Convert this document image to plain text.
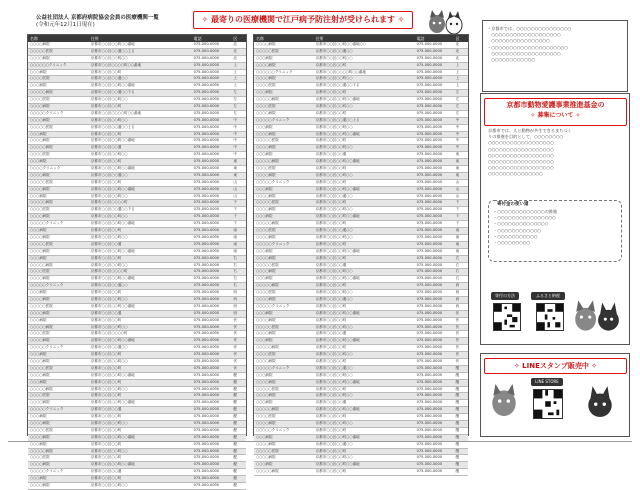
公益社団法人 京都府病院協会会員の医療機関一覧
(令和元年12月1日現在)
✧ 最寄りの医療機関で江戸病予防注射が受けられます ✧
名称	住所	電話	区
○○○○病院	京都市○○区○○町○○番地	075-000-0000	北
○○○○○医院	京都市○○区○○通○○上る	075-000-0000	北
○○○○病院	京都市○○区○○町○○	075-000-0000	北
○○○○○○クリニック	京都市○○区○○○○町○○番地	075-000-0000	上
○○○病院	京都市○○区○○町	075-000-0000	上
○○○○医院	京都市○○区○○通○○	075-000-0000	上
○○○病院	京都市○○区○○町○○番地	075-000-0000	上
○○○○○病院	京都市○○区○○通○○下る	075-000-0000	左
○○○○医院	京都市○○区○○町○○	075-000-0000	左
○○○○病院	京都市○○区○○町	075-000-0000	左
○○○○○クリニック	京都市○○区○○○○町○○番地	075-000-0000	左
○○○○病院	京都市○○区○○町○○	075-000-0000	中
○○○○○医院	京都市○○区○○通○○上る	075-000-0000	中
○○○病院	京都市○○区○○町	075-000-0000	中
○○○○病院	京都市○○区○○町○○番地	075-000-0000	中
○○○○○病院	京都市○○区○○通	075-000-0000	中
○○○○医院	京都市○○区○○町○○	075-000-0000	中
○○○病院	京都市○○区○○町	075-000-0000	東
○○○○クリニック	京都市○○区○○町○○番地	075-000-0000	東
○○○○病院	京都市○○区○○通○○	075-000-0000	東
○○○○○医院	京都市○○区○○町	075-000-0000	山
○○○○病院	京都市○○区○○町○○番地	075-000-0000	山
○○○病院	京都市○○区○○町○○	075-000-0000	山
○○○○○病院	京都市○○区○○○○町	075-000-0000	下
○○○○医院	京都市○○区○○通○○下る	075-000-0000	下
○○○○病院	京都市○○区○○町○○	075-000-0000	下
○○○○○クリニック	京都市○○区○○町○○番地	075-000-0000	下
○○○病院	京都市○○区○○町	075-000-0000	南
○○○○病院	京都市○○区○○町○○	075-000-0000	南
○○○○○医院	京都市○○区○○通	075-000-0000	南
○○○○病院	京都市○○区○○町○○番地	075-000-0000	南
○○○病院	京都市○○区○○町	075-000-0000	右
○○○○○病院	京都市○○区○○町○○	075-000-0000	右
○○○○医院	京都市○○区○○○○町	075-000-0000	右
○○○○病院	京都市○○区○○町○○番地	075-000-0000	右
○○○○○クリニック	京都市○○区○○通○○	075-000-0000	右
○○○病院	京都市○○区○○町	075-000-0000	西
○○○○病院	京都市○○区○○町○○	075-000-0000	西
○○○○○医院	京都市○○区○○町○○番地	075-000-0000	西
○○○○病院	京都市○○区○○通	075-000-0000	西
○○○病院	京都市○○区○○町	075-000-0000	伏
○○○○○病院	京都市○○区○○町○○	075-000-0000	伏
○○○○医院	京都市○○区○○○○町	075-000-0000	伏
○○○○病院	京都市○○区○○町○○番地	075-000-0000	伏
○○○○○クリニック	京都市○○区○○通○○	075-000-0000	伏
○○○病院	京都市○○区○○町	075-000-0000	伏
○○○○病院	京都市○○区○○町○○	075-000-0000	伏
○○○○○医院	京都市○○区○○町	075-000-0000	伏
○○○○病院	京都市○○区○○町○○番地	075-000-0000	醍
○○○病院	京都市○○区○○町	075-000-0000	醍
○○○○○病院	京都市○○区○○町○○	075-000-0000	醍
○○○○医院	京都市○○区○○町	075-000-0000	醍
○○○○病院	京都市○○区○○町○○番地	075-000-0000	醍
○○○○○クリニック	京都市○○区○○通	075-000-0000	醍
○○○病院	京都市○○区○○町	075-000-0000	醍
○○○○病院	京都市○○区○○町○○	075-000-0000	醍
○○○○○医院	京都市○○区○○町	075-000-0000	醍
○○○○病院	京都市○○区○○町○○番地	075-000-0000	醍
○○○病院	京都市○○区○○町	075-000-0000	醍
○○○○○病院	京都市○○区○○町○○	075-000-0000	醍
○○○○医院	京都市○○区○○町	075-000-0000	醍
○○○○病院	京都市○○区○○町○○番地	075-000-0000	醍
○○○○○クリニック	京都市○○区○○通	075-000-0000	醍
○○○病院	京都市○○区○○町	075-000-0000	醍
○○○○病院	京都市○○区○○町○○	075-000-0000	醍
名称	住所	電話	区
○○○○病院	京都市○○区○○町○○番地○○	075-000-0000	北
○○○○○医院	京都市○○区○○通○○	075-000-0000	北
○○○病院	京都市○○区○○町○○	075-000-0000	北
○○○○病院	京都市○○区○○町	075-000-0000	上
○○○○○○クリニック	京都市○○区○○○○町○○番地	075-000-0000	上
○○○○病院	京都市○○区○○町○○	075-000-0000	上
○○○○医院	京都市○○区○○通○○下る	075-000-0000	上
○○○病院	京都市○○区○○町	075-000-0000	左
○○○○○病院	京都市○○区○○町○○番地	075-000-0000	左
○○○○医院	京都市○○区○○町○○	075-000-0000	左
○○○○病院	京都市○○区○○町	075-000-0000	左
○○○○○クリニック	京都市○○区○○通○○上る	075-000-0000	中
○○○病院	京都市○○区○○町○○	075-000-0000	中
○○○○病院	京都市○○区○○町○○番地	075-000-0000	中
○○○○○医院	京都市○○区○○町	075-000-0000	中
○○○○病院	京都市○○区○○町○○	075-000-0000	中
○○○病院	京都市○○区○○通	075-000-0000	東
○○○○○病院	京都市○○区○○町○○番地	075-000-0000	東
○○○○医院	京都市○○区○○町	075-000-0000	東
○○○○病院	京都市○○区○○町○○	075-000-0000	東
○○○○○クリニック	京都市○○区○○町	075-000-0000	山
○○○病院	京都市○○区○○町○○番地	075-000-0000	山
○○○○病院	京都市○○区○○通○○	075-000-0000	山
○○○○○医院	京都市○○区○○町	075-000-0000	下
○○○○病院	京都市○○区○○町○○	075-000-0000	下
○○○病院	京都市○○区○○町○○番地	075-000-0000	下
○○○○○病院	京都市○○区○○町	075-000-0000	下
○○○○医院	京都市○○区○○通○○	075-000-0000	南
○○○○病院	京都市○○区○○町○○	075-000-0000	南
○○○○○クリニック	京都市○○区○○町	075-000-0000	南
○○○病院	京都市○○区○○町○○番地	075-000-0000	南
○○○○病院	京都市○○区○○町	075-000-0000	右
○○○○○医院	京都市○○区○○通	075-000-0000	右
○○○○病院	京都市○○区○○町○○	075-000-0000	右
○○○病院	京都市○○区○○町○○番地	075-000-0000	右
○○○○○病院	京都市○○区○○町	075-000-0000	西
○○○○医院	京都市○○区○○町○○	075-000-0000	西
○○○○病院	京都市○○区○○通○○	075-000-0000	西
○○○○○クリニック	京都市○○区○○町	075-000-0000	西
○○○病院	京都市○○区○○町○○番地	075-000-0000	伏
○○○○病院	京都市○○区○○町	075-000-0000	伏
○○○○○医院	京都市○○区○○町○○	075-000-0000	伏
○○○○病院	京都市○○区○○通	075-000-0000	伏
○○○病院	京都市○○区○○町○○番地	075-000-0000	伏
○○○○○病院	京都市○○区○○町	075-000-0000	伏
○○○○医院	京都市○○区○○町○○	075-000-0000	伏
○○○○病院	京都市○○区○○町	075-000-0000	伏
○○○○○クリニック	京都市○○区○○通○○	075-000-0000	醍
○○○病院	京都市○○区○○町○○	075-000-0000	醍
○○○○病院	京都市○○区○○町○○番地	075-000-0000	醍
○○○○○医院	京都市○○区○○町	075-000-0000	醍
○○○○病院	京都市○○区○○町○○	075-000-0000	醍
○○○病院	京都市○○区○○通	075-000-0000	醍
○○○○○病院	京都市○○区○○町○○番地	075-000-0000	醍
○○○○医院	京都市○○区○○町	075-000-0000	醍
○○○○病院	京都市○○区○○町○○	075-000-0000	醍
○○○○○クリニック	京都市○○区○○町	075-000-0000	醍
○○○病院	京都市○○区○○町○○番地	075-000-0000	醍
○○○○病院	京都市○○区○○通○○	075-000-0000	醍
○○○○○医院	京都市○○区○○町	075-000-0000	醍
○○○○病院	京都市○○区○○町○○	075-000-0000	醍
○○○病院	京都市○○区○○町○○番地	075-000-0000	醍
○○○○○病院	京都市○○区○○町	075-000-0000	醍
・京都市では、○○○○○○○○○○○○○○○
　○○○○○○○○○○○○○○○○○○○
　○○○○○○○○○○○○○○○○
・○○○○○○○○○○○○○○○○○○○○○
　○○○○○○○○○○○○○○○○○○○
　○○○○○○○○○○○○
京都市動物愛護事業推進基金の
✧ 募集について ✧
京都市では、人と動物が共生できるまちづく
りの推進を目的として、○○○○○○○○
○○○○○○○○○○○○○○○○○○
○○○○○○○○○○○○○○○○○○
○○○○○○○○○○○○○○○○○○
○○○○○○○○○○○○○○○○○○
○○○○○○○○○○○○○○○○○○
○○○○○○○○○○○○○○○
寄付金の使い道
・○○○○○○○○○○○○○の推進
・○○○○○○○○○○○○○○○○
・○○○○○○○○○○○○○○
・○○○○○○○○○○○○
・○○○○○○○○○○○
・○○○○○○○○○
寄付の方法	ふるさと納税
✧ LINEスタンプ販売中 ✧
LINE STORE
